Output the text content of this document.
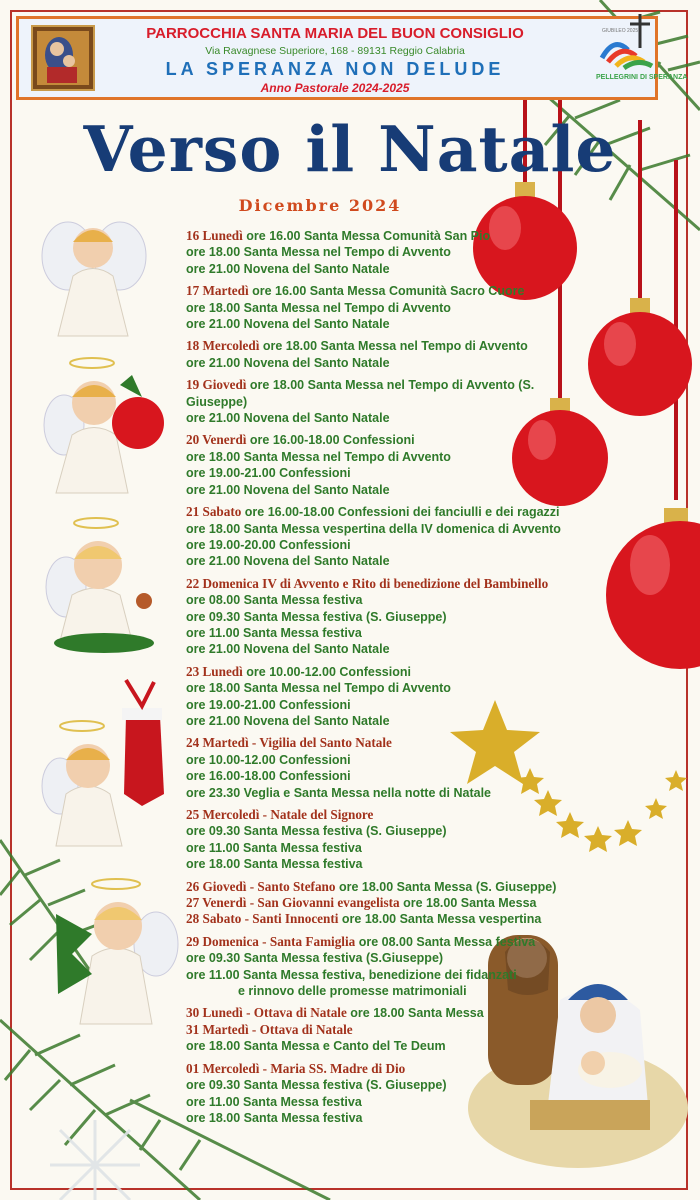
PARROCCHIA SANTA MARIA DEL BUON CONSIGLIO
Via Ravagnese Superiore, 168 - 89131 Reggio Calabria
LA SPERANZA NON DELUDE
Anno Pastorale 2024-2025
GIUBILEO 2025
PELLEGRINI DI SPERANZA
Verso il Natale
Dicembre 2024
16 Lunedì ore 16.00 Santa Messa Comunità San Pio
ore 18.00 Santa Messa nel Tempo di Avvento
ore 21.00 Novena del Santo Natale
17 Martedì ore 16.00 Santa Messa Comunità Sacro Cuore
ore 18.00 Santa Messa nel Tempo di Avvento
ore 21.00 Novena del Santo Natale
18 Mercoledì ore 18.00 Santa Messa nel Tempo di Avvento
ore 21.00 Novena del Santo Natale
19 Giovedì ore 18.00 Santa Messa nel Tempo di Avvento (S. Giuseppe)
ore 21.00 Novena del Santo Natale
20 Venerdì ore 16.00-18.00 Confessioni
ore 18.00 Santa Messa nel Tempo di Avvento
ore 19.00-21.00 Confessioni
ore 21.00 Novena del Santo Natale
21 Sabato ore 16.00-18.00 Confessioni dei fanciulli e dei ragazzi
ore 18.00 Santa Messa vespertina della IV domenica di Avvento
ore 19.00-20.00 Confessioni
ore 21.00 Novena del Santo Natale
22 Domenica IV di Avvento e Rito di benedizione del Bambinello
ore 08.00 Santa Messa festiva
ore 09.30 Santa Messa festiva (S. Giuseppe)
ore 11.00 Santa Messa festiva
ore 21.00 Novena del Santo Natale
23 Lunedì ore 10.00-12.00 Confessioni
ore 18.00 Santa Messa nel Tempo di Avvento
ore 19.00-21.00 Confessioni
ore 21.00 Novena del Santo Natale
24 Martedì - Vigilia del Santo Natale
ore 10.00-12.00 Confessioni
ore 16.00-18.00 Confessioni
ore 23.30 Veglia e Santa Messa nella notte di Natale
25 Mercoledì - Natale del Signore
ore 09.30 Santa Messa festiva (S. Giuseppe)
ore 11.00 Santa Messa festiva
ore 18.00 Santa Messa festiva
26 Giovedì - Santo Stefano ore 18.00 Santa Messa (S. Giuseppe)
27 Venerdì - San Giovanni evangelista ore 18.00 Santa Messa
28 Sabato - Santi Innocenti ore 18.00 Santa Messa vespertina
29 Domenica - Santa Famiglia ore 08.00 Santa Messa festiva
ore 09.30 Santa Messa festiva (S.Giuseppe)
ore 11.00 Santa Messa festiva, benedizione dei fidanzati
e rinnovo delle promesse matrimoniali
30 Lunedì - Ottava di Natale ore 18.00 Santa Messa
31 Martedì - Ottava di Natale
ore 18.00 Santa Messa e Canto del Te Deum
01 Mercoledì - Maria SS. Madre di Dio
ore 09.30 Santa Messa festiva (S. Giuseppe)
ore 11.00 Santa Messa festiva
ore 18.00 Santa Messa festiva
